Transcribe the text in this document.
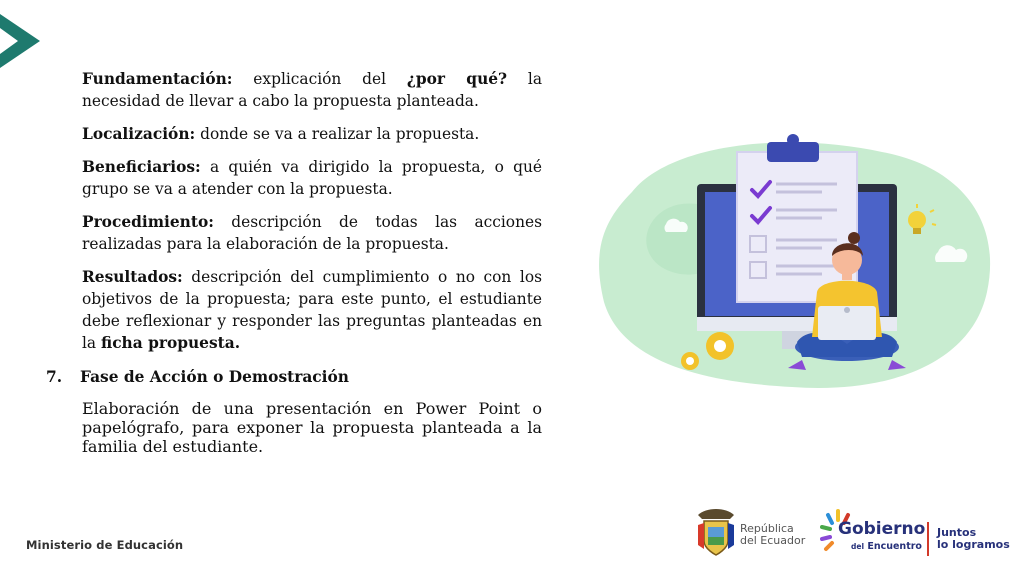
Fundamentación: explicación del ¿por qué? la necesidad de llevar a cabo la propuesta planteada.

Localización: donde se va a realizar la propuesta.

Beneficiarios: a quién va dirigido la propuesta, o qué grupo se va a atender con la propuesta.

Procedimiento: descripción de todas las acciones realizadas para la elaboración de la propuesta.

Resultados: descripción del cumplimiento o no con los objetivos de la propuesta; para este punto, el estudiante debe reflexionar y responder las preguntas planteadas en la ficha propuesta.

7. Fase de Acción o Demostración

Elaboración de una presentación en Power Point o papelógrafo, para exponer la propuesta planteada a la familia del estudiante.

Ministerio de Educación
República
del Ecuador
Gobierno
del Encuentro
Juntos
lo logramos
